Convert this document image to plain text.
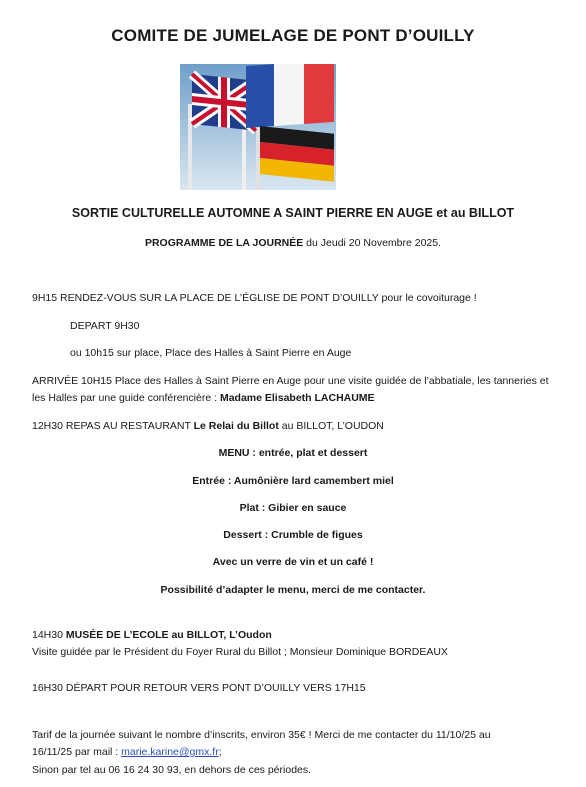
COMITE DE JUMELAGE DE PONT D’OUILLY
SORTIE CULTURELLE AUTOMNE A SAINT PIERRE EN AUGE et au BILLOT
PROGRAMME DE LA JOURNÉE du Jeudi 20 Novembre 2025.
9H15 RENDEZ-VOUS SUR LA PLACE DE L’ÉGLISE DE PONT D’OUILLY pour le covoiturage !
DEPART 9H30
ou 10h15 sur place, Place des Halles à Saint Pierre en Auge
ARRIVÉE 10H15 Place des Halles à Saint Pierre en Auge pour une visite guidée de l’abbatiale, les tanneries et
les Halles par une guide conférencière : Madame Elisabeth LACHAUME
12H30 REPAS AU RESTAURANT Le Relai du Billot au BILLOT, L’OUDON
MENU : entrée, plat et dessert
Entrée : Aumônière lard camembert miel
Plat : Gibier en sauce
Dessert : Crumble de figues
Avec un verre de vin et un café !
Possibilité d’adapter le menu, merci de me contacter.
14H30 MUSÉE DE L’ECOLE au BILLOT, L’Oudon
Visite guidée par le Président du Foyer Rural du Billot ; Monsieur Dominique BORDEAUX
16H30 DÉPART POUR RETOUR VERS PONT D’OUILLY VERS 17H15
Tarif de la journée suivant le nombre d’inscrits, environ 35€ ! Merci de me contacter du 11/10/25 au
16/11/25 par mail : marie.karine@gmx.fr;
Sinon par tel au 06 16 24 30 93, en dehors de ces périodes.
